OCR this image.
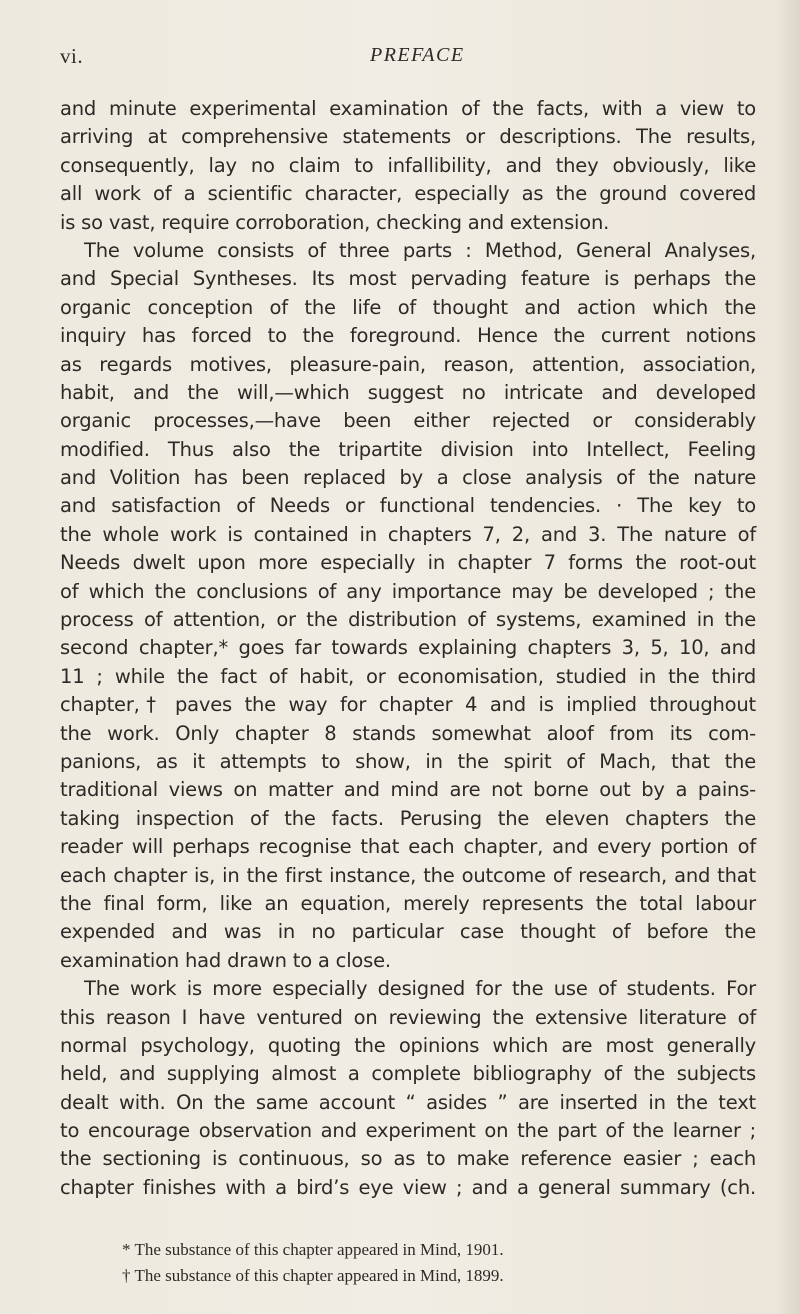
vi.	PREFACE
and minute experimental examination of the facts, with a view to
arriving at comprehensive statements or descriptions. The results,
consequently, lay no claim to infallibility, and they obviously, like
all work of a scientific character, especially as the ground covered
is so vast, require corroboration, checking and extension.
The volume consists of three parts : Method, General Analyses,
and Special Syntheses. Its most pervading feature is perhaps the
organic conception of the life of thought and action which the
inquiry has forced to the foreground. Hence the current notions
as regards motives, pleasure-pain, reason, attention, association,
habit, and the will,—which suggest no intricate and developed
organic processes,—have been either rejected or considerably
modified. Thus also the tripartite division into Intellect, Feeling
and Volition has been replaced by a close analysis of the nature
and satisfaction of Needs or functional tendencies. · The key to
the whole work is contained in chapters 7, 2, and 3. The nature of
Needs dwelt upon more especially in chapter 7 forms the root-out
of which the conclusions of any importance may be developed ; the
process of attention, or the distribution of systems, examined in the
second chapter,* goes far towards explaining chapters 3, 5, 10, and
11 ; while the fact of habit, or economisation, studied in the third
chapter,† paves the way for chapter 4 and is implied throughout
the work. Only chapter 8 stands somewhat aloof from its com-
panions, as it attempts to show, in the spirit of Mach, that the
traditional views on matter and mind are not borne out by a pains-
taking inspection of the facts. Perusing the eleven chapters the
reader will perhaps recognise that each chapter, and every portion of
each chapter is, in the first instance, the outcome of research, and that
the final form, like an equation, merely represents the total labour
expended and was in no particular case thought of before the
examination had drawn to a close.
The work is more especially designed for the use of students. For
this reason I have ventured on reviewing the extensive literature of
normal psychology, quoting the opinions which are most generally
held, and supplying almost a complete bibliography of the subjects
dealt with. On the same account “ asides ” are inserted in the text
to encourage observation and experiment on the part of the learner ;
the sectioning is continuous, so as to make reference easier ; each
chapter finishes with a bird’s eye view ; and a general summary (ch.
* The substance of this chapter appeared in Mind, 1901.
† The substance of this chapter appeared in Mind, 1899.
